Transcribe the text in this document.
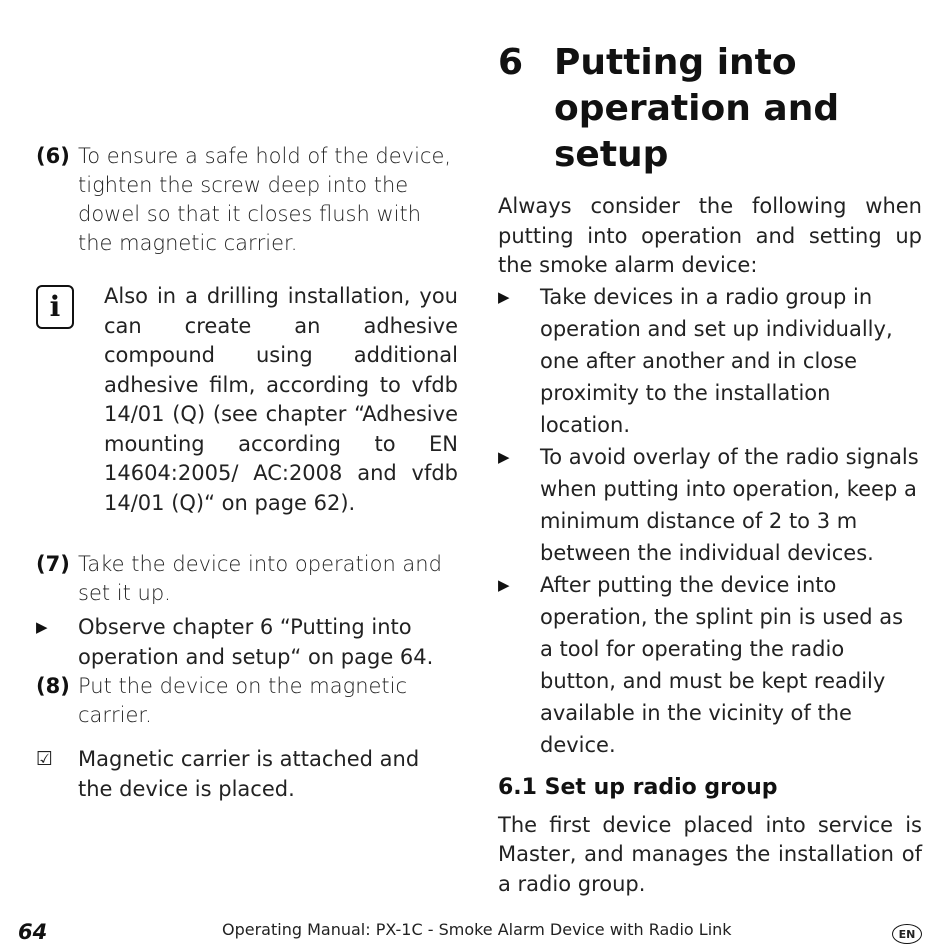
(6) To ensure a safe hold of the device, tighten the screw deep into the dowel so that it closes flush with the magnetic carrier.
i	Also in a drilling installation, you can create an adhesive compound using additional adhesive film, according to vfdb 14/01 (Q) (see chapter “Adhesive mounting according to EN 14604:2005/ AC:2008 and vfdb 14/01 (Q)“ on page 62).
(7) Take the device into operation and set it up.
▶	Observe chapter 6 “Putting into operation and setup“ on page 64.
(8) Put the device on the magnetic carrier.
☑	Magnetic carrier is attached and the device is placed.
6 Putting into operation and setup
Always consider the following when putting into operation and setting up the smoke alarm device:
▶	Take devices in a radio group in operation and set up individually, one after another and in close proximity to the installation location.
▶	To avoid overlay of the radio signals when putting into operation, keep a minimum distance of 2 to 3 m between the individual devices.
▶	After putting the device into operation, the splint pin is used as a tool for operating the radio button, and must be kept readily available in the vicinity of the device.
6.1 Set up radio group
The first device placed into service is Master, and manages the installation of a radio group.
64	Operating Manual: PX-1C - Smoke Alarm Device with Radio Link	EN
